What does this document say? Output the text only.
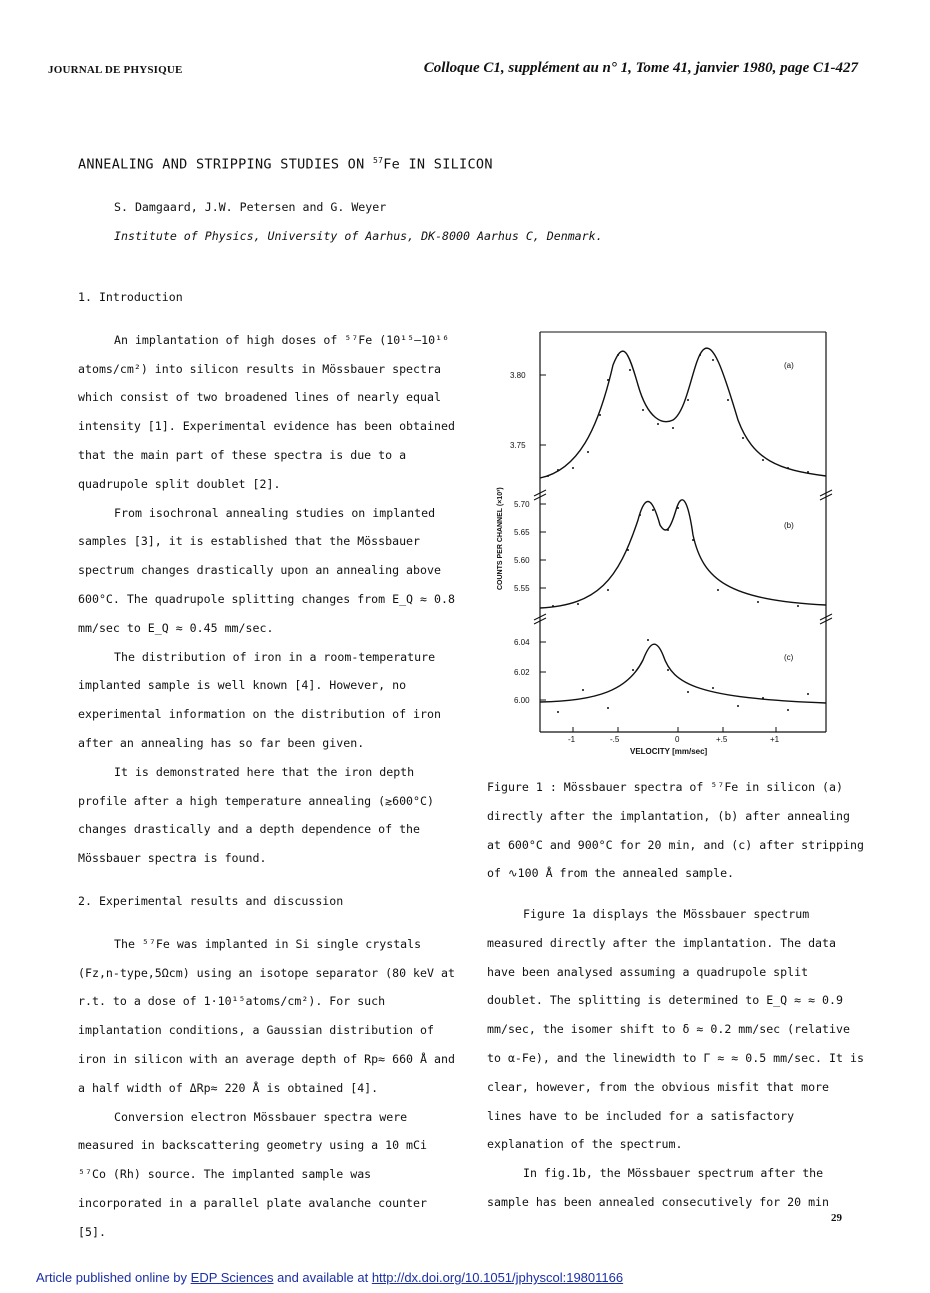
JOURNAL DE PHYSIQUE	Colloque C1, supplément au n° 1, Tome 41, janvier 1980, page C1-427
ANNEALING AND STRIPPING STUDIES ON $^{57}$Fe IN SILICON
S. Damgaard, J.W. Petersen and G. Weyer
Institute of Physics, University of Aarhus, DK-8000 Aarhus C, Denmark.

1. Introduction

An implantation of high doses of ⁵⁷Fe (10¹⁵–10¹⁶ atoms/cm²) into silicon results in Mössbauer spectra which consist of two broadened lines of nearly equal intensity [1]. Experimental evidence has been obtained that the main part of these spectra is due to a quadrupole split doublet [2].

From isochronal annealing studies on implanted samples [3], it is established that the Mössbauer spectrum changes drastically upon an annealing above 600°C. The quadrupole splitting changes from E_Q ≈ 0.8 mm/sec to E_Q ≈ 0.45 mm/sec.

The distribution of iron in a room-temperature implanted sample is well known [4]. However, no experimental information on the distribution of iron after an annealing has so far been given.

It is demonstrated here that the iron depth profile after a high temperature annealing (≳600°C) changes drastically and a depth dependence of the Mössbauer spectra is found.

2. Experimental results and discussion

The ⁵⁷Fe was implanted in Si single crystals (Fz,n-type,5Ωcm) using an isotope separator (80 keV at r.t. to a dose of 1·10¹⁵atoms/cm²). For such implantation conditions, a Gaussian distribution of iron in silicon with an average depth of Rp≈ 660 Å and a half width of ΔRp≈ 220 Å is obtained [4].

Conversion electron Mössbauer spectra were measured in backscattering geometry using a 10 mCi ⁵⁷Co (Rh) source. The implanted sample was incorporated in a parallel plate avalanche counter [5].

3.80
3.75
(a)
5.70
5.65
5.60
5.55
(b)
6.04
6.02
6.00
(c)
-1	-.5	0	+.5	+1
VELOCITY [mm/sec]
COUNTS PER CHANNEL (×10³)

Figure 1 : Mössbauer spectra of ⁵⁷Fe in silicon (a) directly after the implantation, (b) after annealing at 600°C and 900°C for 20 min, and (c) after stripping of ∿100 Å from the annealed sample.

Figure 1a displays the Mössbauer spectrum measured directly after the implantation. The data have been analysed assuming a quadrupole split doublet. The splitting is determined to E_Q ≈ ≈ 0.9 mm/sec, the isomer shift to δ ≈ 0.2 mm/sec (relative to α-Fe), and the linewidth to Γ ≈ ≈ 0.5 mm/sec. It is clear, however, from the obvious misfit that more lines have to be included for a satisfactory explanation of the spectrum.

In fig.1b, the Mössbauer spectrum after the sample has been annealed consecutively for 20 min

29
Article published online by EDP Sciences and available at http://dx.doi.org/10.1051/jphyscol:19801166
